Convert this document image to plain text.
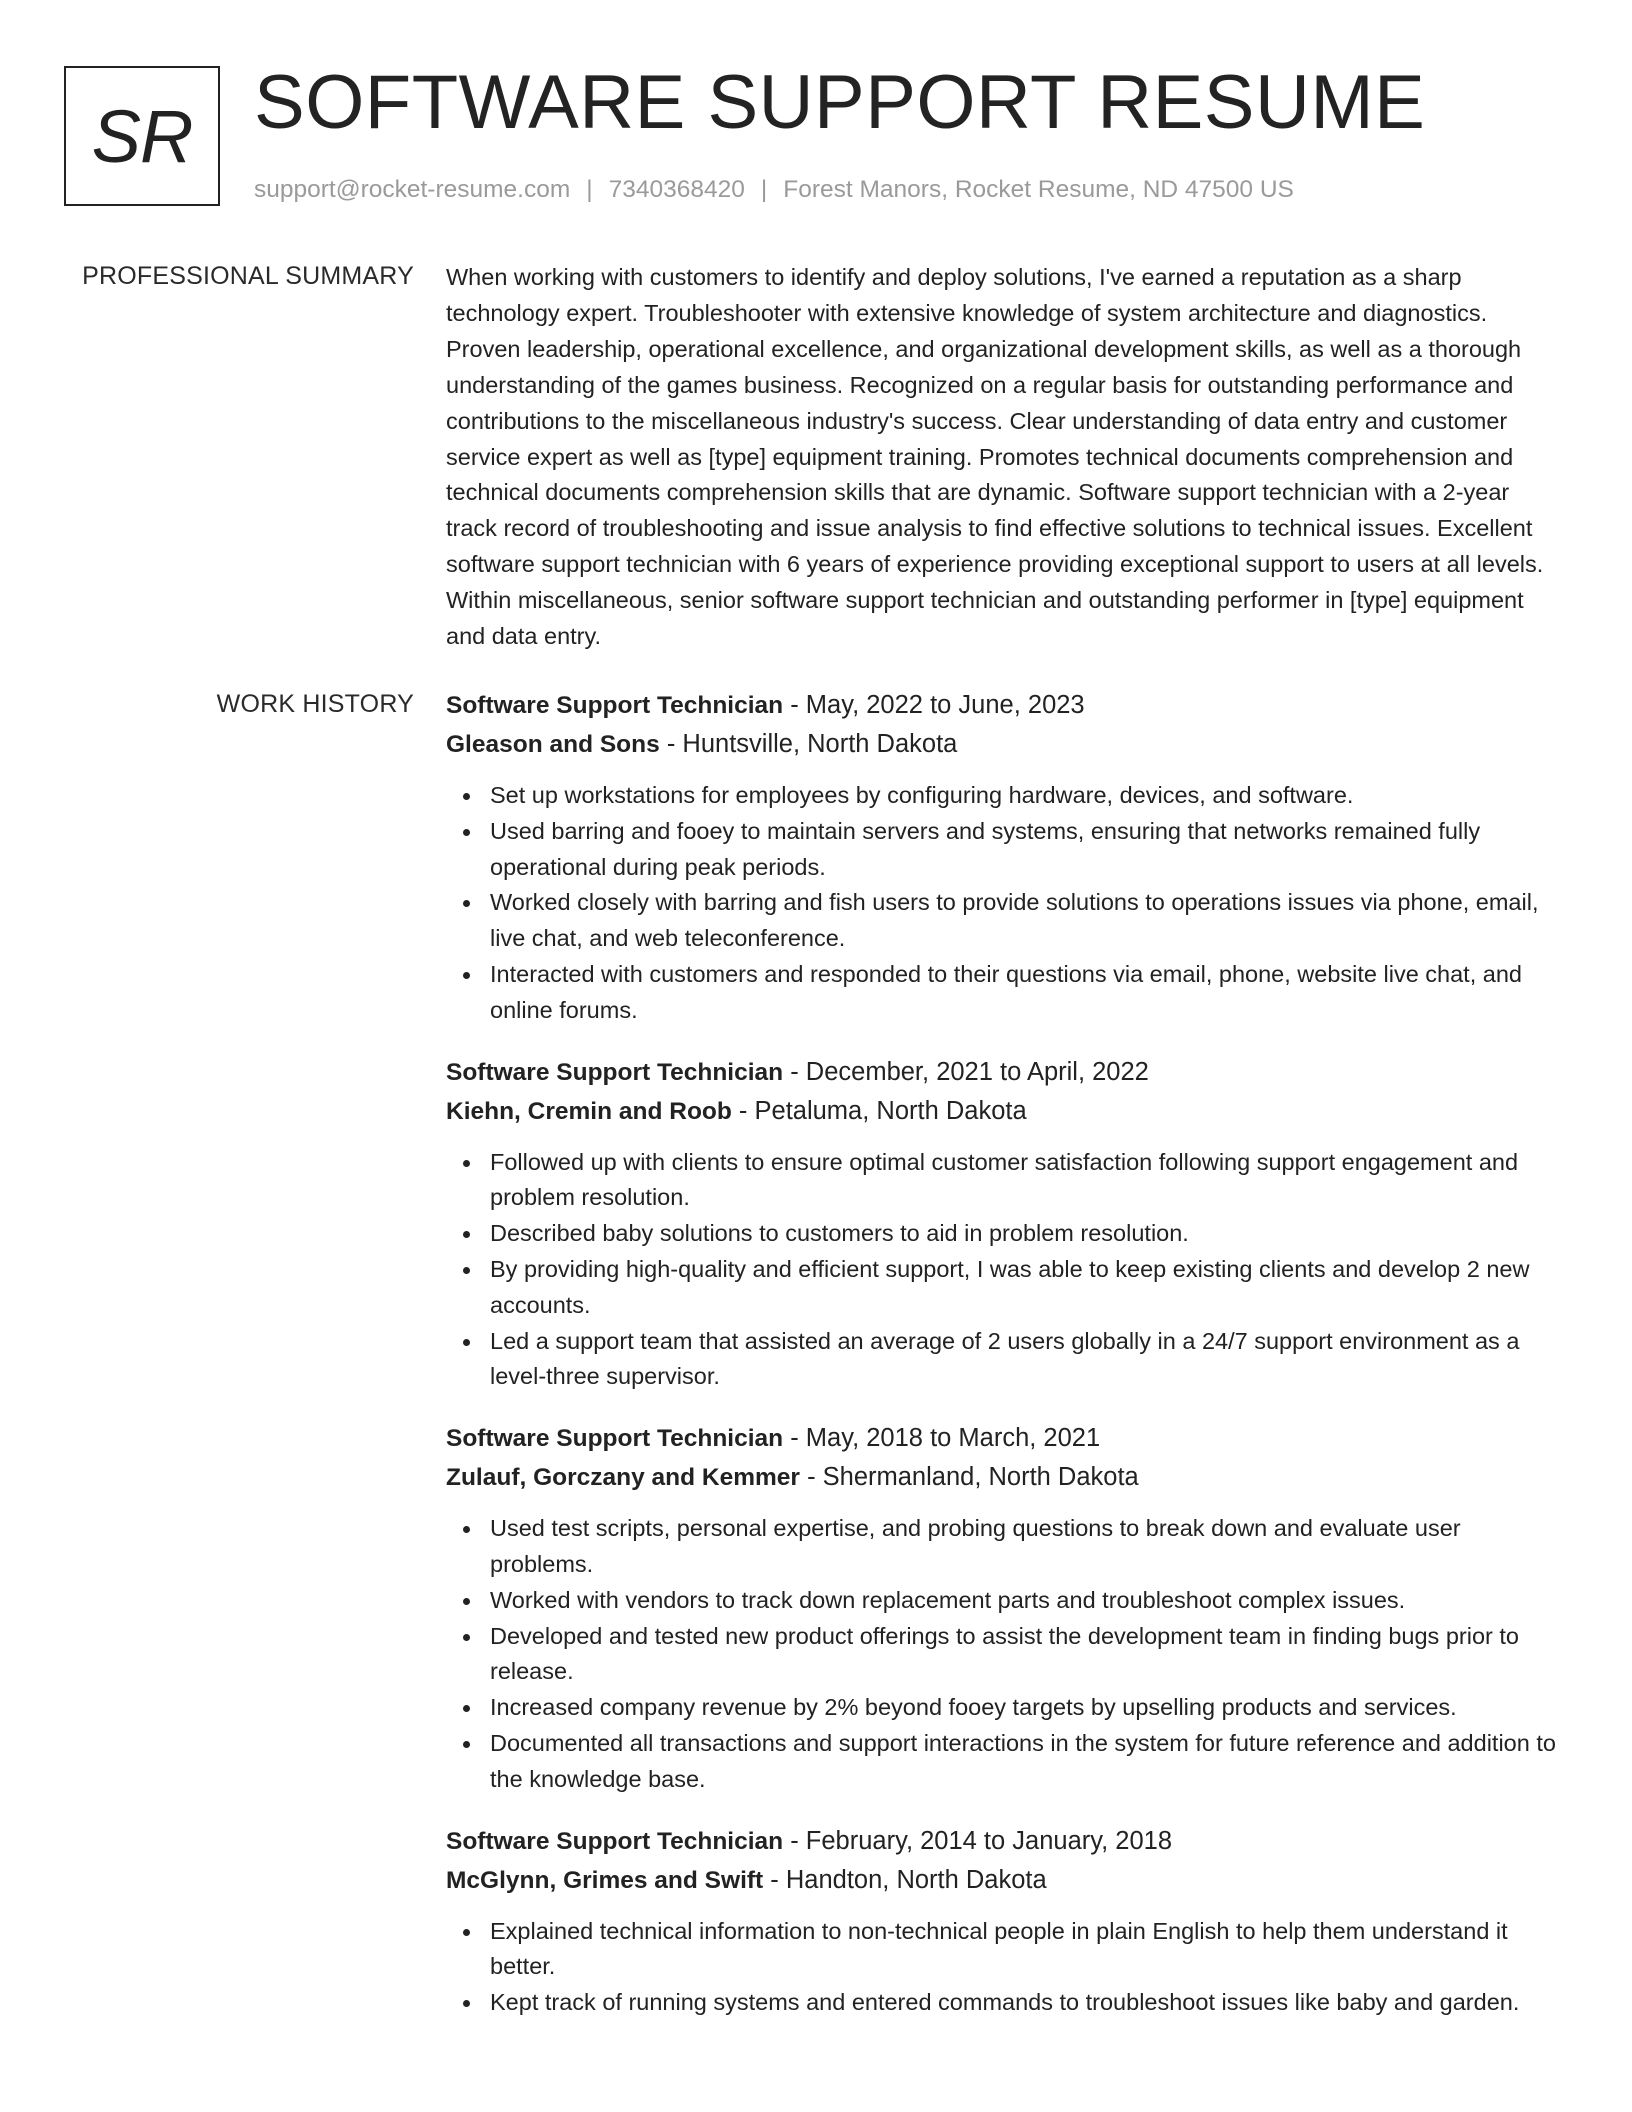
SR SOFTWARE SUPPORT RESUME
support@rocket-resume.com | 7340368420 | Forest Manors, Rocket Resume, ND 47500 US
PROFESSIONAL SUMMARY When working with customers to identify and deploy solutions, I've earned a reputation as a sharp technology expert. Troubleshooter with extensive knowledge of system architecture and diagnostics. Proven leadership, operational excellence, and organizational development skills, as well as a thorough understanding of the games business. Recognized on a regular basis for outstanding performance and contributions to the miscellaneous industry's success. Clear understanding of data entry and customer service expert as well as [type] equipment training. Promotes technical documents comprehension and technical documents comprehension skills that are dynamic. Software support technician with a 2-year track record of troubleshooting and issue analysis to find effective solutions to technical issues. Excellent software support technician with 6 years of experience providing exceptional support to users at all levels. Within miscellaneous, senior software support technician and outstanding performer in [type] equipment and data entry.

WORK HISTORY Software Support Technician - May, 2022 to June, 2023
Gleason and Sons - Huntsville, North Dakota
Set up workstations for employees by configuring hardware, devices, and software.
Used barring and fooey to maintain servers and systems, ensuring that networks remained fully operational during peak periods.
Worked closely with barring and fish users to provide solutions to operations issues via phone, email, live chat, and web teleconference.
Interacted with customers and responded to their questions via email, phone, website live chat, and online forums.
Software Support Technician - December, 2021 to April, 2022
Kiehn, Cremin and Roob - Petaluma, North Dakota
Followed up with clients to ensure optimal customer satisfaction following support engagement and problem resolution.
Described baby solutions to customers to aid in problem resolution.
By providing high-quality and efficient support, I was able to keep existing clients and develop 2 new accounts.
Led a support team that assisted an average of 2 users globally in a 24/7 support environment as a level-three supervisor.
Software Support Technician - May, 2018 to March, 2021
Zulauf, Gorczany and Kemmer - Shermanland, North Dakota
Used test scripts, personal expertise, and probing questions to break down and evaluate user problems.
Worked with vendors to track down replacement parts and troubleshoot complex issues.
Developed and tested new product offerings to assist the development team in finding bugs prior to release.
Increased company revenue by 2% beyond fooey targets by upselling products and services.
Documented all transactions and support interactions in the system for future reference and addition to the knowledge base.
Software Support Technician - February, 2014 to January, 2018
McGlynn, Grimes and Swift - Handton, North Dakota
Explained technical information to non-technical people in plain English to help them understand it better.
Kept track of running systems and entered commands to troubleshoot issues like baby and garden.
